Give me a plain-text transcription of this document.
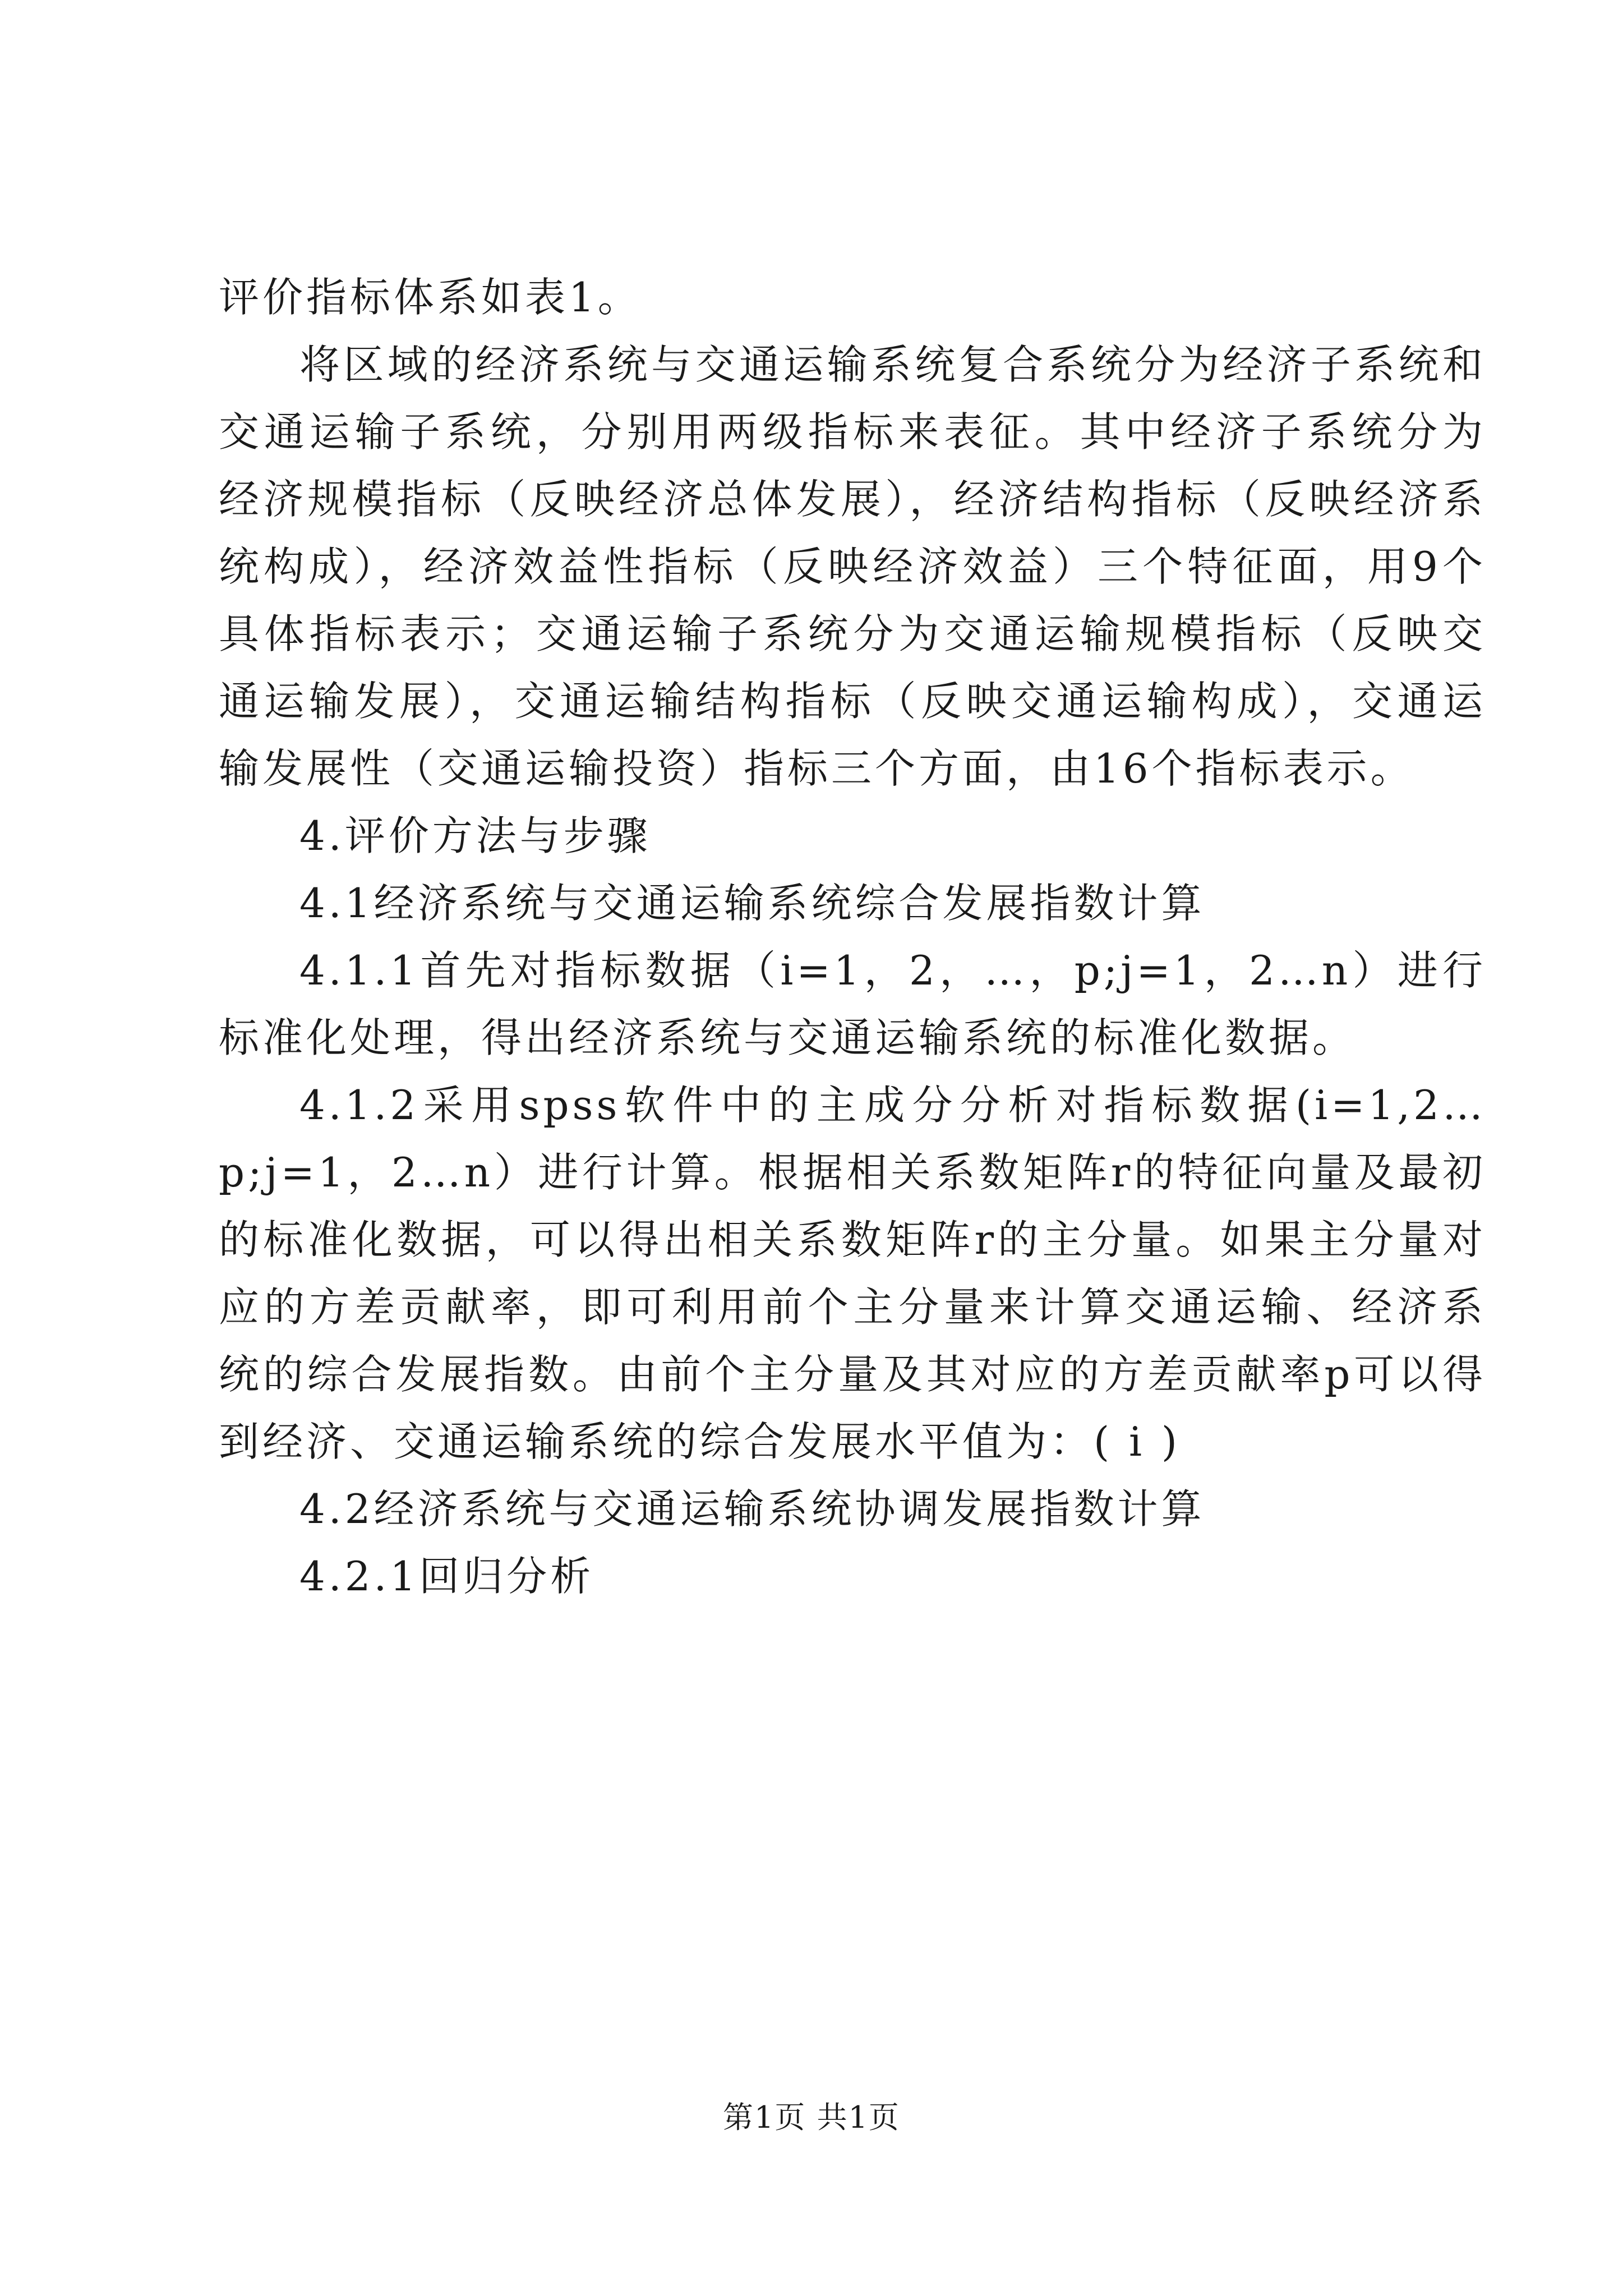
评价指标体系如表1。

将区域的经济系统与交通运输系统复合系统分为经济子系统和交通运输子系统，分别用两级指标来表征。其中经济子系统分为经济规模指标（反映经济总体发展），经济结构指标（反映经济系统构成），经济效益性指标（反映经济效益）三个特征面，用9个具体指标表示；交通运输子系统分为交通运输规模指标（反映交通运输发展），交通运输结构指标（反映交通运输构成），交通运输发展性（交通运输投资）指标三个方面，由16个指标表示。

4.评价方法与步骤

4.1经济系统与交通运输系统综合发展指数计算

4.1.1首先对指标数据（i=1，2，…，p;j=1，2…n）进行标准化处理，得出经济系统与交通运输系统的标准化数据。

4.1.2采用spss软件中的主成分分析对指标数据(i=1,2…p;j=1，2…n）进行计算。根据相关系数矩阵r的特征向量及最初的标准化数据，可以得出相关系数矩阵r的主分量。如果主分量对应的方差贡献率，即可利用前个主分量来计算交通运输、经济系统的综合发展指数。由前个主分量及其对应的方差贡献率p可以得到经济、交通运输系统的综合发展水平值为：( i )

4.2经济系统与交通运输系统协调发展指数计算

4.2.1回归分析

第1页 共1页
